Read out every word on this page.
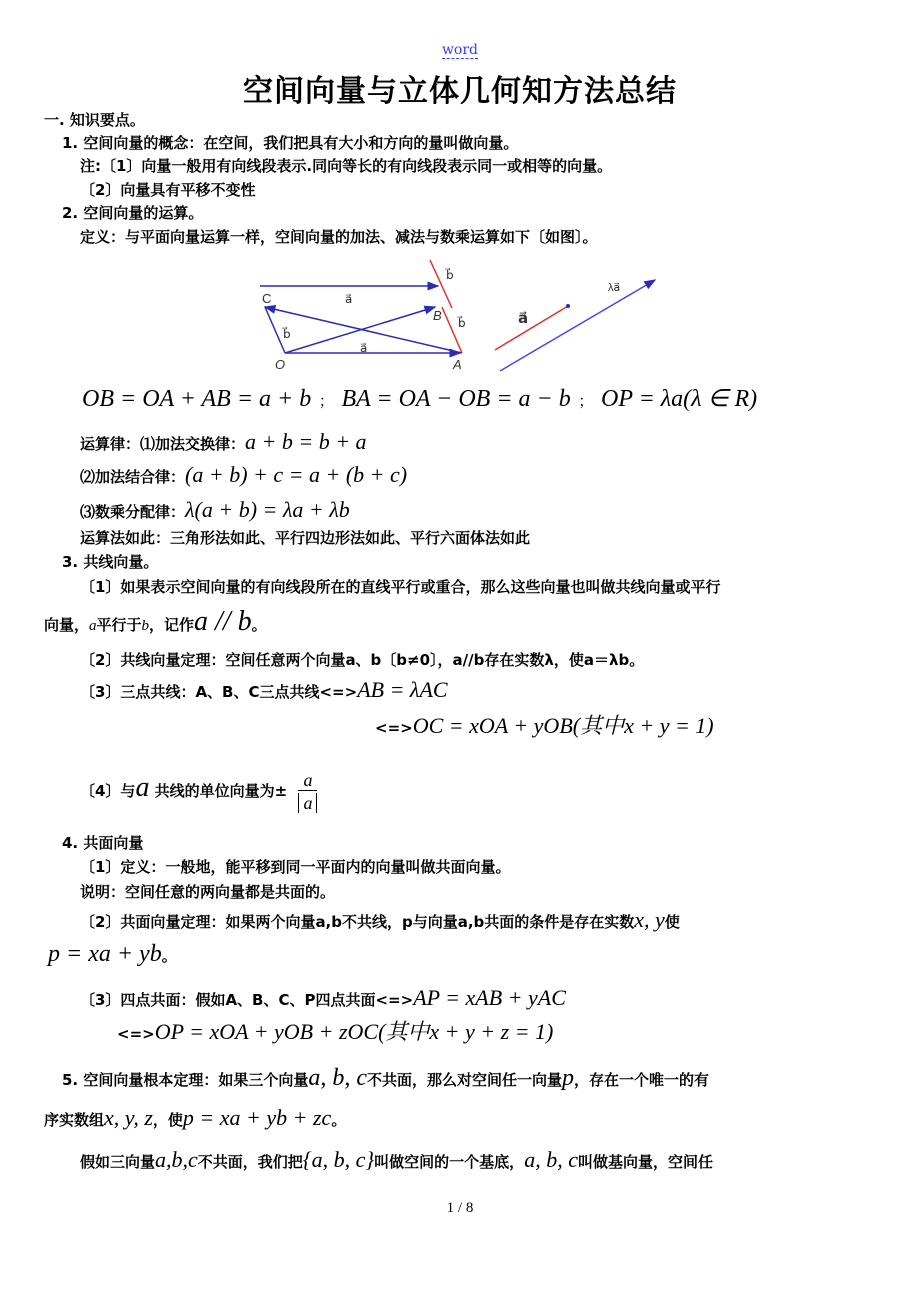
word
空间向量与立体几何知方法总结
一. 知识要点。
1. 空间向量的概念：在空间，我们把具有大小和方向的量叫做向量。
注:〔1〕向量一般用有向线段表示.同向等长的有向线段表示同一或相等的向量。
〔2〕向量具有平移不变性
2. 空间向量的运算。
定义：与平面向量运算一样，空间向量的加法、减法与数乘运算如下〔如图〕。
C
B
O	A
a⃗
a⃗
b⃗
b⃗
b⃗	a⃗
λa⃗
OB = OA + AB = a + b ； BA = OA − OB = a − b ； OP = λa(λ ∈ R)
运算律：⑴加法交换律：a + b = b + a
⑵加法结合律：(a + b) + c = a + (b + c)
⑶数乘分配律：λ(a + b) = λa + λb
运算法如此：三角形法如此、平行四边形法如此、平行六面体法如此
3. 共线向量。
〔1〕如果表示空间向量的有向线段所在的直线平行或重合，那么这些向量也叫做共线向量或平行
向量，a平行于b，记作a // b。
〔2〕共线向量定理：空间任意两个向量a、b〔b≠0〕，a//b存在实数λ，使a＝λb。
〔3〕三点共线：A、B、C三点共线<=>AB = λAC
<=>OC = xOA + yOB(其中x + y = 1)
〔4〕与a 共线的单位向量为± $\frac{a}{a}$
4. 共面向量
〔1〕定义：一般地，能平移到同一平面内的向量叫做共面向量。
说明：空间任意的两向量都是共面的。
〔2〕共面向量定理：如果两个向量a,b不共线，p与向量a,b共面的条件是存在实数x, y使
p = xa + yb。
〔3〕四点共面：假如A、B、C、P四点共面<=>AP = xAB + yAC
<=>OP = xOA + yOB + zOC(其中x + y + z = 1)
5. 空间向量根本定理：如果三个向量a, b, c不共面，那么对空间任一向量p，存在一个唯一的有
序实数组x, y, z，使p = xa + yb + zc。
假如三向量a,b,c不共面，我们把{a, b, c}叫做空间的一个基底，a, b, c叫做基向量，空间任
1 / 8
